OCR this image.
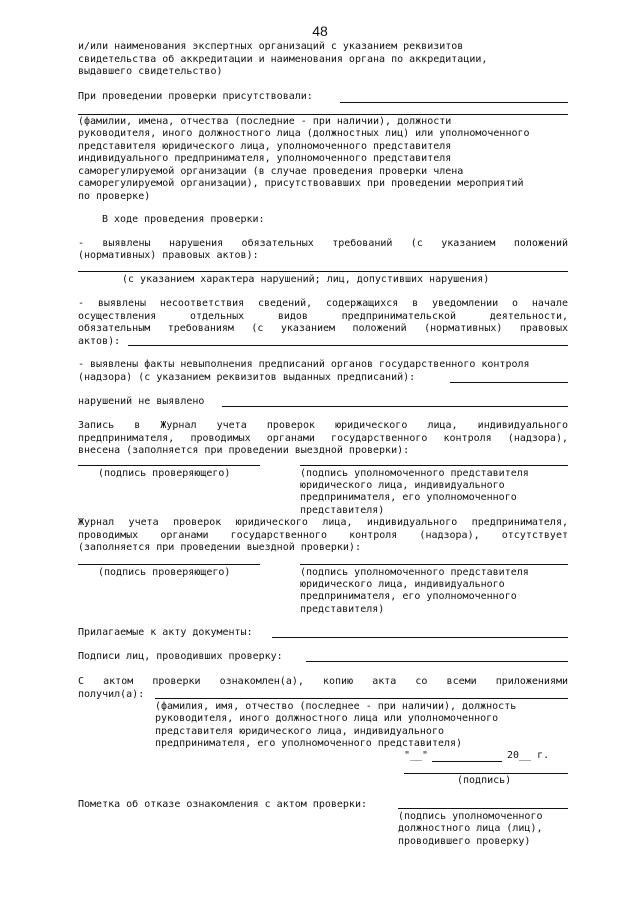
48
и/или наименования экспертных организаций с указанием реквизитов
свидетельства об аккредитации и наименования органа по аккредитации,
выдавшего свидетельство)
При проведении проверки присутствовали:
(фамилии, имена, отчества (последние - при наличии), должности
руководителя, иного должностного лица (должностных лиц) или уполномоченного
представителя юридического лица, уполномоченного представителя
индивидуального предпринимателя, уполномоченного представителя
саморегулируемой организации (в случае проведения проверки члена
саморегулируемой организации), присутствовавших при проведении мероприятий
по проверке)
В ходе проведения проверки:
- выявлены нарушения обязательных требований (с указанием положений
(нормативных) правовых актов):
(с указанием характера нарушений; лиц, допустивших нарушения)
- выявлены несоответствия сведений, содержащихся в уведомлении о начале
осуществления отдельных видов предпринимательской деятельности,
обязательным требованиям (с указанием положений (нормативных) правовых
актов):
- выявлены факты невыполнения предписаний органов государственного контроля
(надзора) (с указанием реквизитов выданных предписаний):
нарушений не выявлено
Запись в Журнал учета проверок юридического лица, индивидуального
предпринимателя, проводимых органами государственного контроля (надзора),
внесена (заполняется при проведении выездной проверки):
(подпись проверяющего)	(подпись уполномоченного представителя
юридического лица, индивидуального
предпринимателя, его уполномоченного
представителя)
Журнал учета проверок юридического лица, индивидуального предпринимателя,
проводимых органами государственного контроля (надзора), отсутствует
(заполняется при проведении выездной проверки):
(подпись проверяющего)	(подпись уполномоченного представителя
юридического лица, индивидуального
предпринимателя, его уполномоченного
представителя)
Прилагаемые к акту документы:
Подписи лиц, проводивших проверку:
С актом проверки ознакомлен(а), копию акта со всеми приложениями
получил(а):
(фамилия, имя, отчество (последнее - при наличии), должность
руководителя, иного должностного лица или уполномоченного
представителя юридического лица, индивидуального
предпринимателя, его уполномоченного представителя)
"__"	20__ г.
(подпись)
Пометка об отказе ознакомления с актом проверки:
(подпись уполномоченного
должностного лица (лиц),
проводившего проверку)
